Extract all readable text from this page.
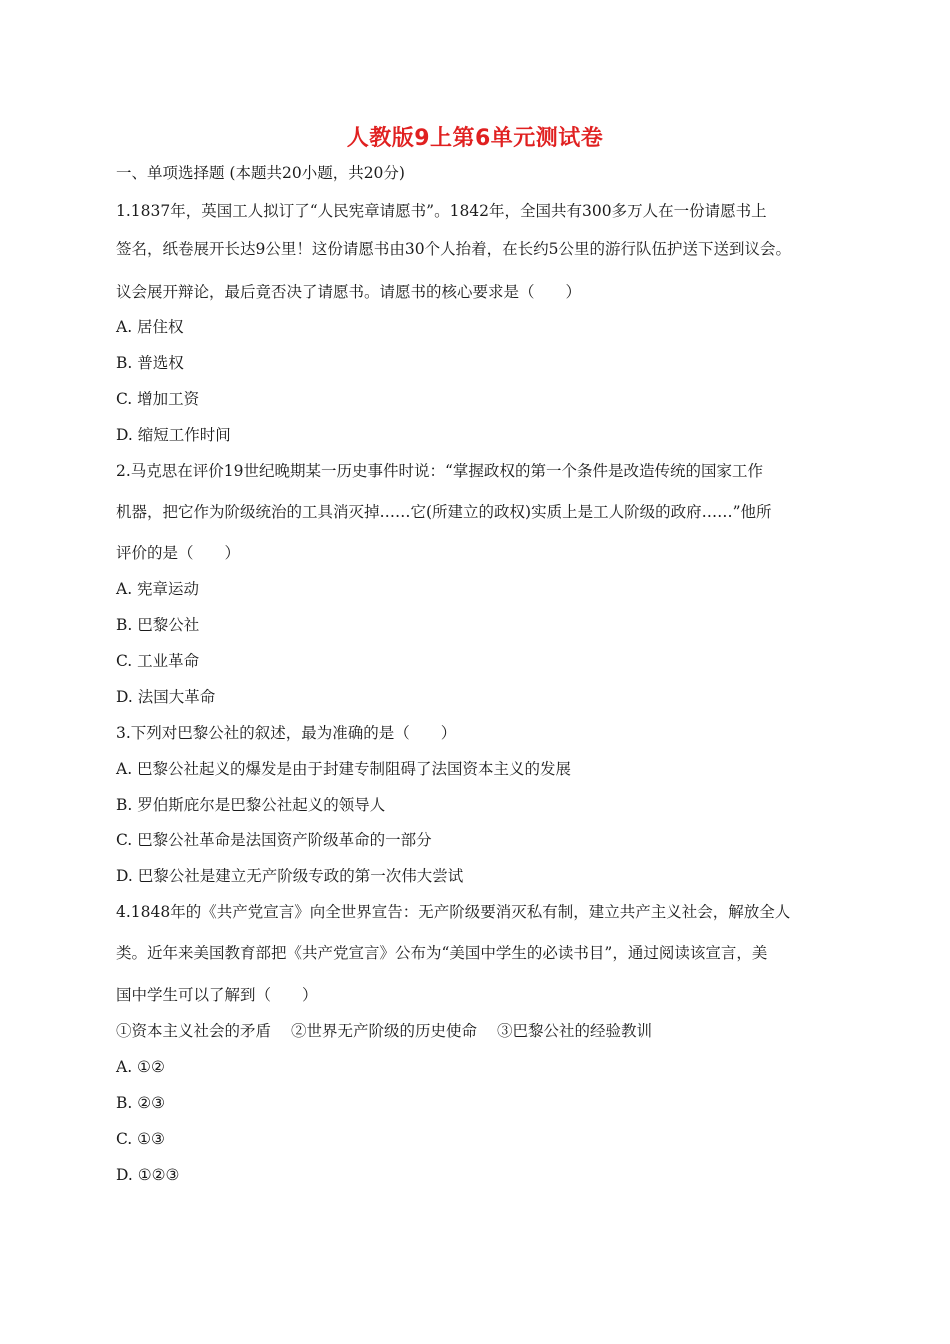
人教版9上第6单元测试卷
一、单项选择题 (本题共20小题，共20分)
1.1837年，英国工人拟订了“人民宪章请愿书”。1842年，全国共有300多万人在一份请愿书上
签名，纸卷展开长达9公里！这份请愿书由30个人抬着，在长约5公里的游行队伍护送下送到议会。
议会展开辩论，最后竟否决了请愿书。请愿书的核心要求是（　　）
A. 居住权
B. 普选权
C. 增加工资
D. 缩短工作时间
2.马克思在评价19世纪晚期某一历史事件时说：“掌握政权的第一个条件是改造传统的国家工作
机器，把它作为阶级统治的工具消灭掉……它(所建立的政权)实质上是工人阶级的政府……”他所
评价的是（　　）
A. 宪章运动
B. 巴黎公社
C. 工业革命
D. 法国大革命
3.下列对巴黎公社的叙述，最为准确的是（　　）
A. 巴黎公社起义的爆发是由于封建专制阻碍了法国资本主义的发展
B. 罗伯斯庇尔是巴黎公社起义的领导人
C. 巴黎公社革命是法国资产阶级革命的一部分
D. 巴黎公社是建立无产阶级专政的第一次伟大尝试
4.1848年的《共产党宣言》向全世界宣告：无产阶级要消灭私有制，建立共产主义社会，解放全人
类。近年来美国教育部把《共产党宣言》公布为“美国中学生的必读书目”，通过阅读该宣言，美
国中学生可以了解到（　　）
①资本主义社会的矛盾 ②世界无产阶级的历史使命 ③巴黎公社的经验教训
A. ①②
B. ②③
C. ①③
D. ①②③
